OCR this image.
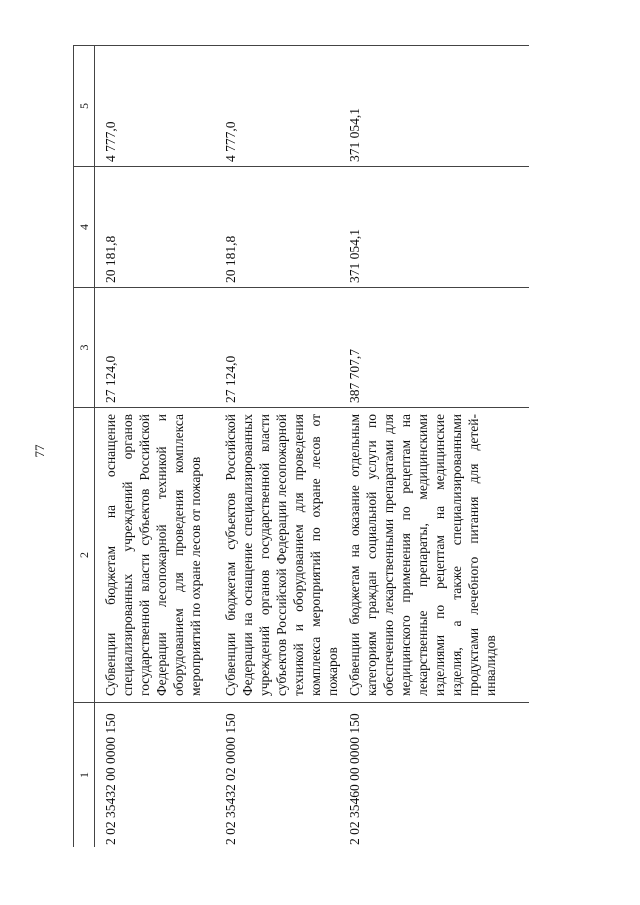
77
1	2	3	4	5
2 02 35432 00 0000 150	Субвенции бюджетам на оснащение специализированных учреждений органов государственной власти субъектов Российской Федерации лесопожарной техникой и оборудованием для проведения комплекса мероприятий по охране лесов от пожаров	27 124,0	20 181,8	4 777,0
2 02 35432 02 0000 150	Субвенции бюджетам субъектов Российской Федерации на оснащение специализированных учреждений органов государственной власти субъектов Российской Федерации лесопожарной техникой и оборудованием для проведения комплекса мероприятий по охране лесов от пожаров	27 124,0	20 181,8	4 777,0
2 02 35460 00 0000 150	Субвенции бюджетам на оказание отдельным категориям граждан социальной услуги по обеспечению лекарственными препаратами для медицинского применения по рецептам на лекарственные препараты, медицинскими изделиями по рецептам на медицинские изделия, а также специализированными продуктами лечебного питания для детей-инвалидов	387 707,7	371 054,1	371 054,1
